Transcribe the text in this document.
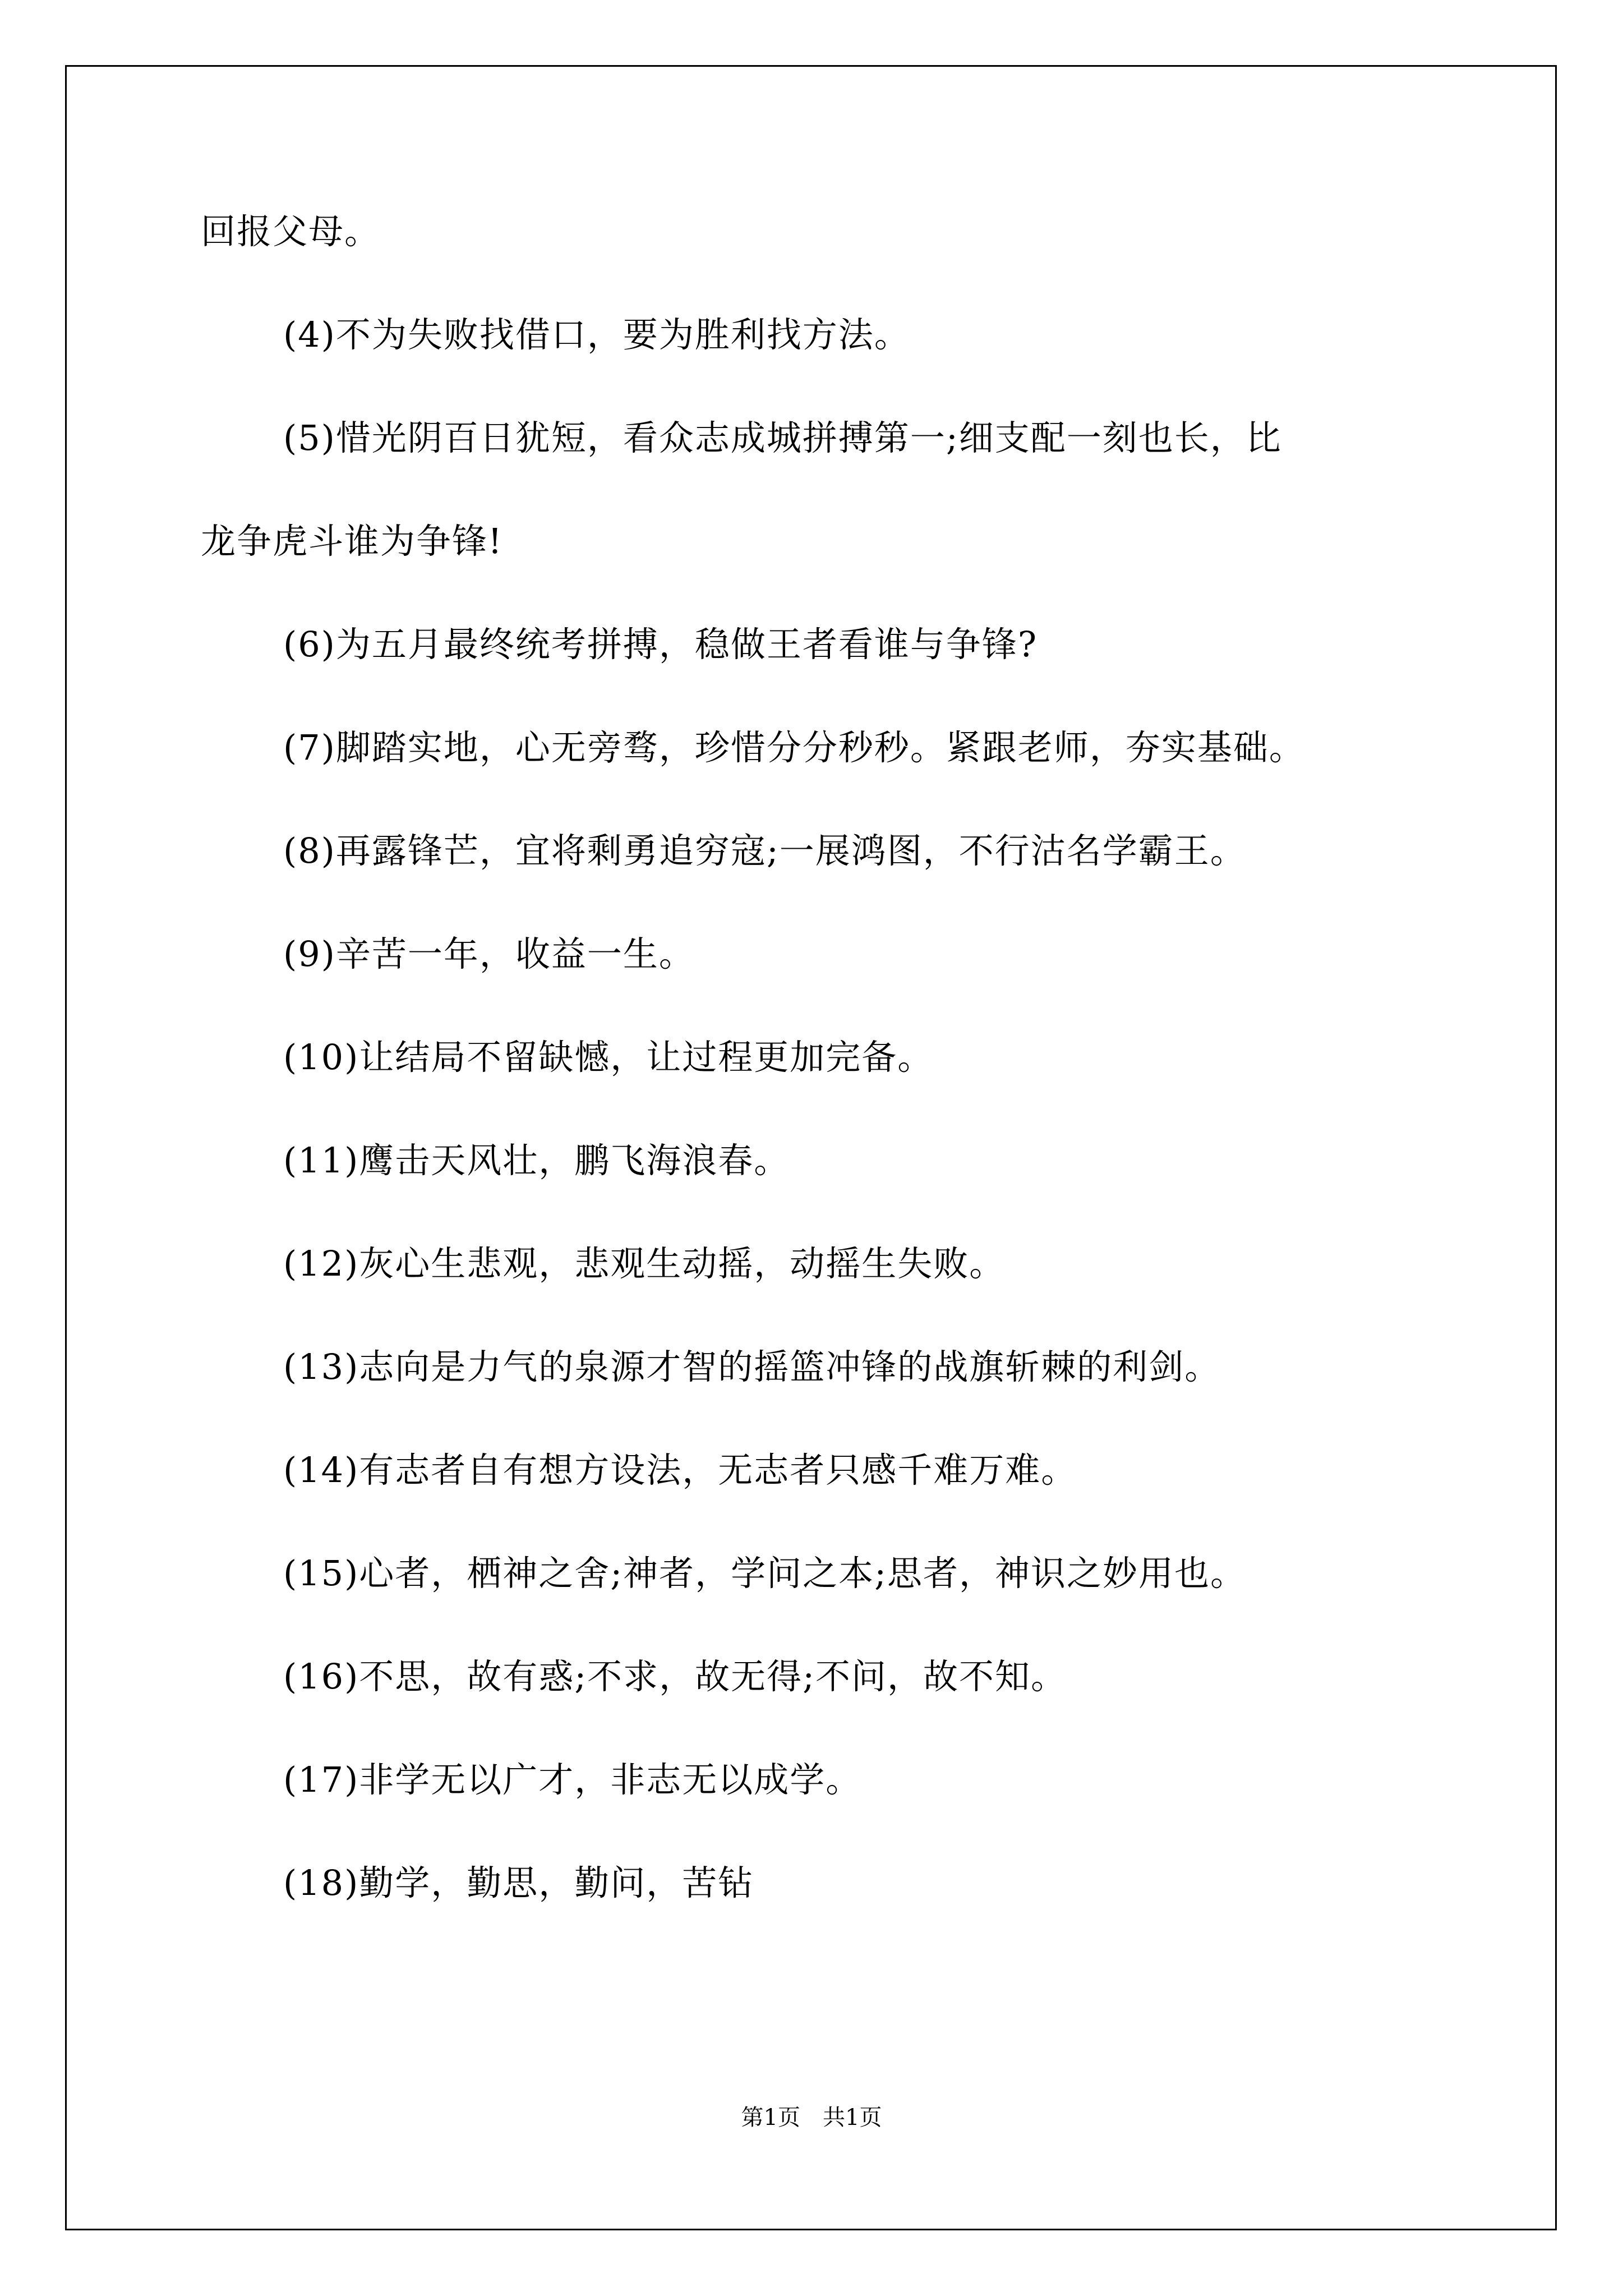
回报父母。
(4)不为失败找借口，要为胜利找方法。
(5)惜光阴百日犹短，看众志成城拼搏第一;细支配一刻也长，比
龙争虎斗谁为争锋!
(6)为五月最终统考拼搏，稳做王者看谁与争锋?
(7)脚踏实地，心无旁骛，珍惜分分秒秒。紧跟老师，夯实基础。
(8)再露锋芒，宜将剩勇追穷寇;一展鸿图，不行沽名学霸王。
(9)辛苦一年，收益一生。
(10)让结局不留缺憾，让过程更加完备。
(11)鹰击天风壮，鹏飞海浪春。
(12)灰心生悲观，悲观生动摇，动摇生失败。
(13)志向是力气的泉源才智的摇篮冲锋的战旗斩棘的利剑。
(14)有志者自有想方设法，无志者只感千难万难。
(15)心者，栖神之舍;神者，学问之本;思者，神识之妙用也。
(16)不思，故有惑;不求，故无得;不问，故不知。
(17)非学无以广才，非志无以成学。
(18)勤学，勤思，勤问，苦钻
第1页　共1页
